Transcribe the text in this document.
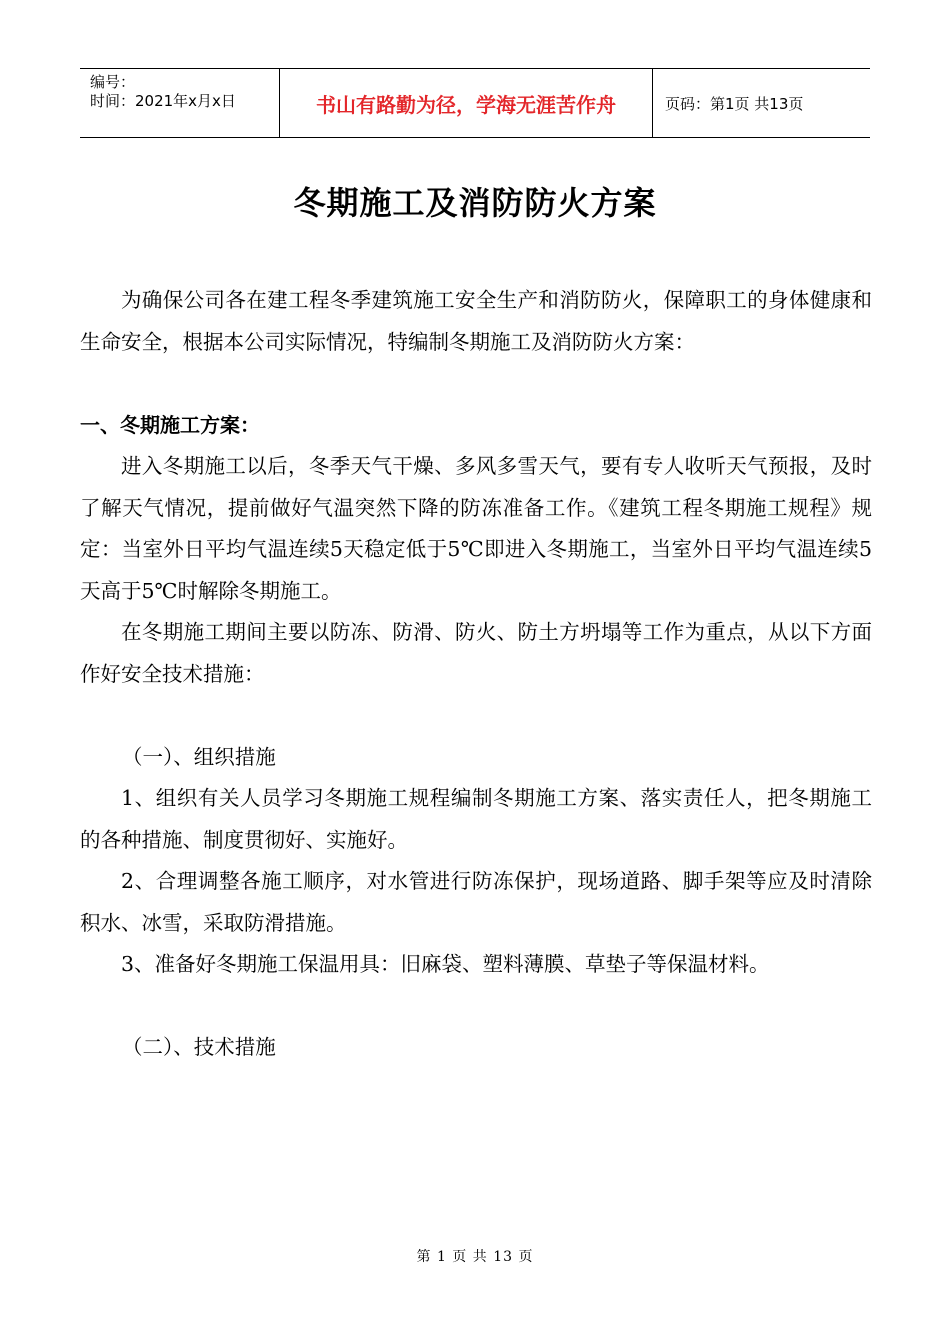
编号：
时间：2021年x月x日	书山有路勤为径，学海无涯苦作舟	页码：第1页 共13页
冬期施工及消防防火方案

为确保公司各在建工程冬季建筑施工安全生产和消防防火，保障职工的身体健康和生命安全，根据本公司实际情况，特编制冬期施工及消防防火方案：

一、冬期施工方案：

进入冬期施工以后，冬季天气干燥、多风多雪天气，要有专人收听天气预报，及时了解天气情况，提前做好气温突然下降的防冻准备工作。《建筑工程冬期施工规程》规定：当室外日平均气温连续5天稳定低于5℃即进入冬期施工，当室外日平均气温连续5天高于5℃时解除冬期施工。

在冬期施工期间主要以防冻、防滑、防火、防土方坍塌等工作为重点，从以下方面作好安全技术措施：

（一）、组织措施

1、组织有关人员学习冬期施工规程编制冬期施工方案、落实责任人，把冬期施工的各种措施、制度贯彻好、实施好。

2、合理调整各施工顺序，对水管进行防冻保护，现场道路、脚手架等应及时清除积水、冰雪，采取防滑措施。

3、准备好冬期施工保温用具：旧麻袋、塑料薄膜、草垫子等保温材料。

（二）、技术措施

第 1 页 共 13 页
